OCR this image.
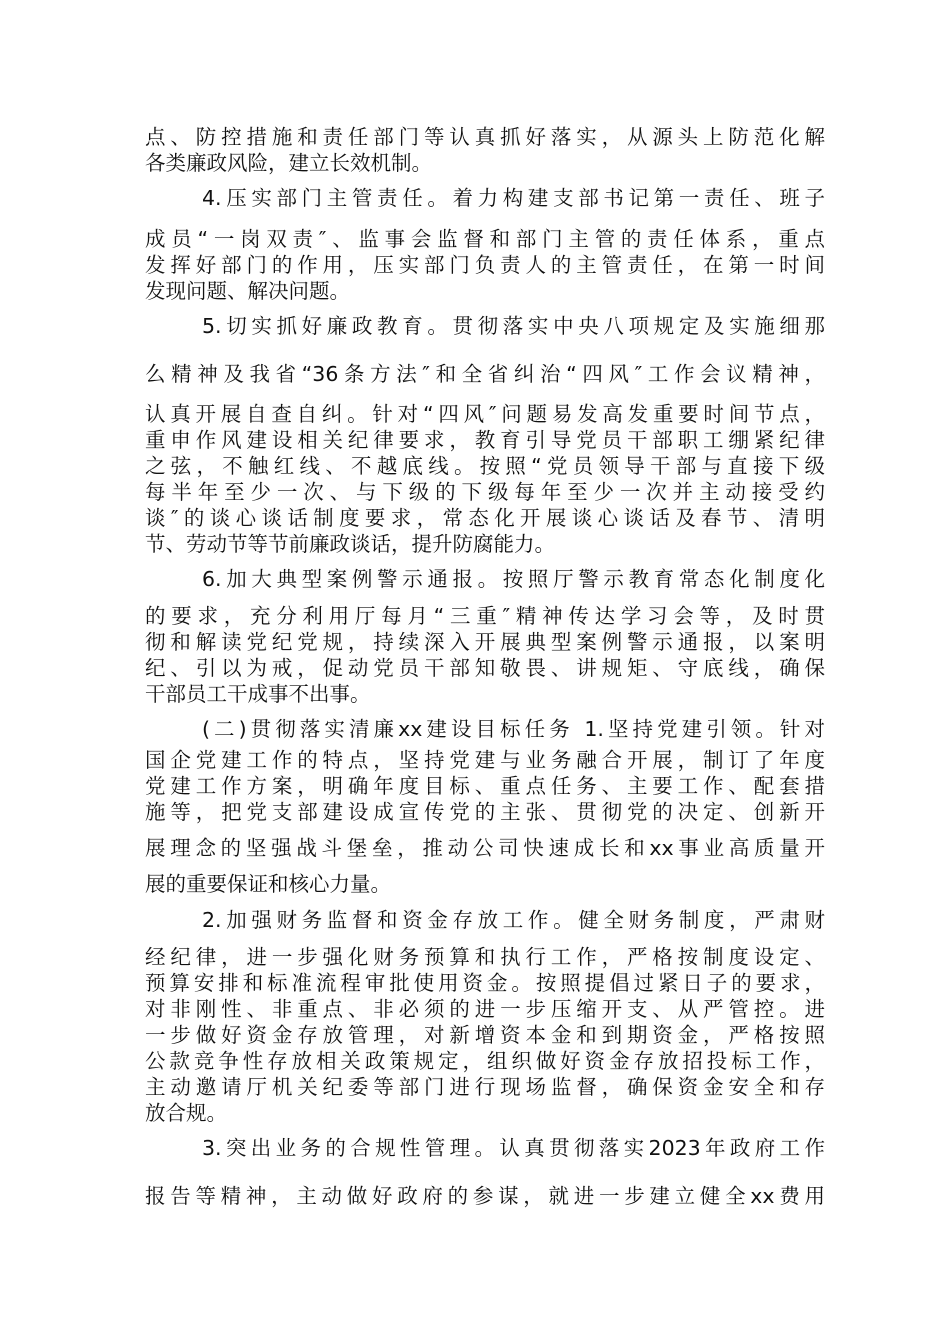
点、防控措施和责任部门等认真抓好落实，从源头上防范化解
各类廉政风险，建立长效机制。
4.压实部门主管责任。着力构建支部书记第一责任、班子
成员“一岗双责″、监事会监督和部门主管的责任体系，重点
发挥好部门的作用，压实部门负责人的主管责任，在第一时间
发现问题、解决问题。
5.切实抓好廉政教育。贯彻落实中央八项规定及实施细那
么精神及我省“36条方法″和全省纠治“四风″工作会议精神，
认真开展自查自纠。针对“四风″问题易发高发重要时间节点，
重申作风建设相关纪律要求，教育引导党员干部职工绷紧纪律
之弦，不触红线、不越底线。按照“党员领导干部与直接下级
每半年至少一次、与下级的下级每年至少一次并主动接受约
谈″的谈心谈话制度要求，常态化开展谈心谈话及春节、清明
节、劳动节等节前廉政谈话，提升防腐能力。
6.加大典型案例警示通报。按照厅警示教育常态化制度化
的要求，充分利用厅每月“三重″精神传达学习会等，及时贯
彻和解读党纪党规，持续深入开展典型案例警示通报，以案明
纪、引以为戒，促动党员干部知敬畏、讲规矩、守底线，确保
干部员工干成事不出事。
(二)贯彻落实清廉xx建设目标任务 1.坚持党建引领。针对
国企党建工作的特点，坚持党建与业务融合开展，制订了年度
党建工作方案，明确年度目标、重点任务、主要工作、配套措
施等，把党支部建设成宣传党的主张、贯彻党的决定、创新开
展理念的坚强战斗堡垒，推动公司快速成长和xx事业高质量开
展的重要保证和核心力量。
2.加强财务监督和资金存放工作。健全财务制度，严肃财
经纪律，进一步强化财务预算和执行工作，严格按制度设定、
预算安排和标准流程审批使用资金。按照提倡过紧日子的要求，
对非刚性、非重点、非必须的进一步压缩开支、从严管控。进
一步做好资金存放管理，对新增资本金和到期资金，严格按照
公款竞争性存放相关政策规定，组织做好资金存放招投标工作，
主动邀请厅机关纪委等部门进行现场监督，确保资金安全和存
放合规。
3.突出业务的合规性管理。认真贯彻落实2023年政府工作
报告等精神，主动做好政府的参谋，就进一步建立健全xx费用
